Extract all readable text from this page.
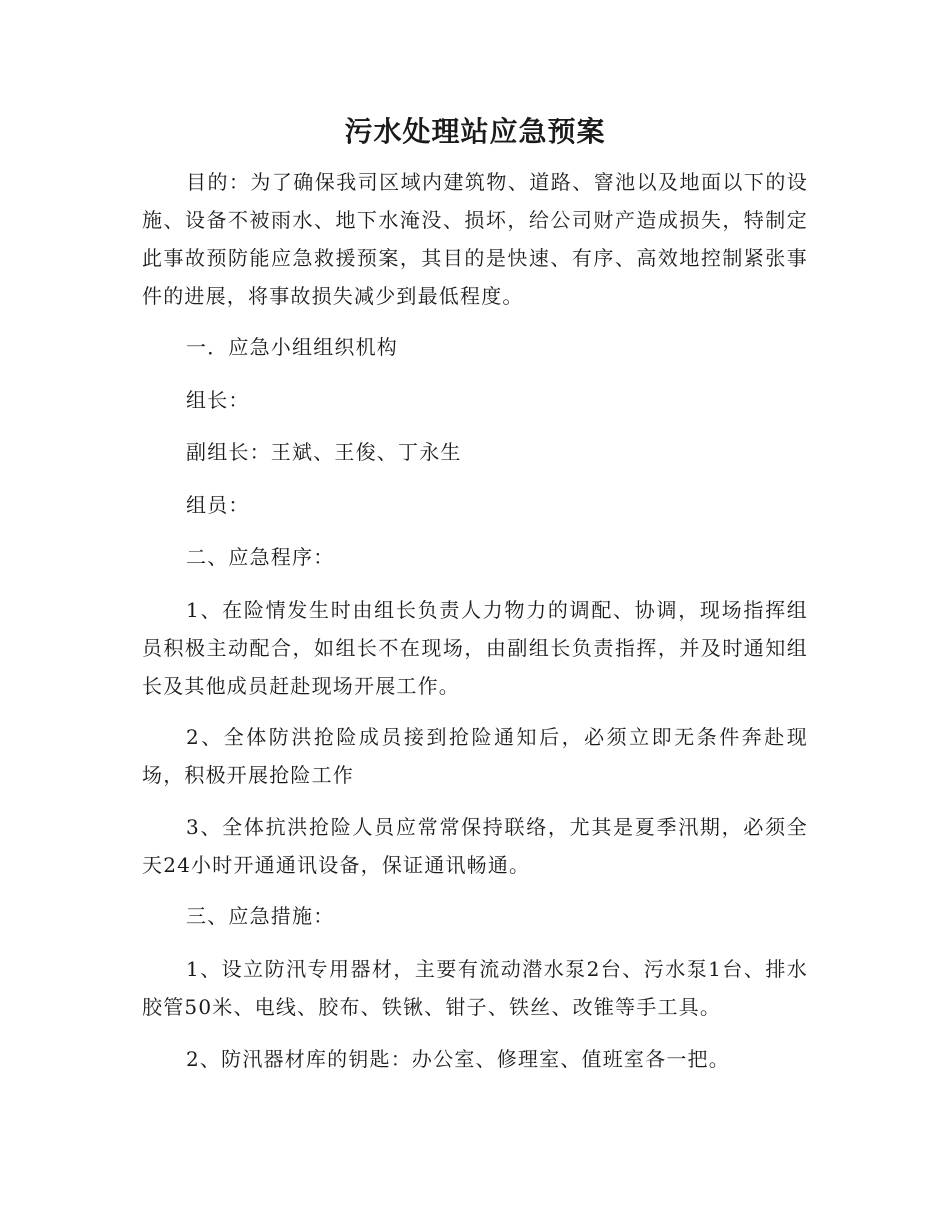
污水处理站应急预案

目的：为了确保我司区域内建筑物、道路、窨池以及地面以下的设施、设备不被雨水、地下水淹没、损坏，给公司财产造成损失，特制定此事故预防能应急救援预案，其目的是快速、有序、高效地控制紧张事件的进展，将事故损失减少到最低程度。

一．应急小组组织机构

组长：

副组长：王斌、王俊、丁永生

组员：

二、应急程序：

1、在险情发生时由组长负责人力物力的调配、协调，现场指挥组员积极主动配合，如组长不在现场，由副组长负责指挥，并及时通知组长及其他成员赶赴现场开展工作。

2、全体防洪抢险成员接到抢险通知后，必须立即无条件奔赴现场，积极开展抢险工作

3、全体抗洪抢险人员应常常保持联络，尤其是夏季汛期，必须全天24小时开通通讯设备，保证通讯畅通。

三、应急措施：

1、设立防汛专用器材，主要有流动潜水泵2台、污水泵1台、排水胶管50米、电线、胶布、铁锹、钳子、铁丝、改锥等手工具。

2、防汛器材库的钥匙：办公室、修理室、值班室各一把。
